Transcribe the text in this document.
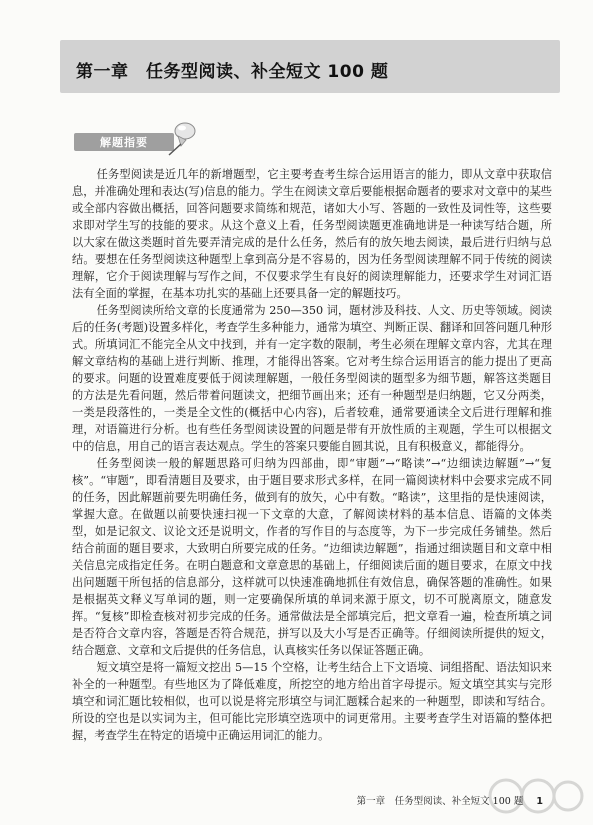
第一章　任务型阅读、补全短文 100 题
解题指要

任务型阅读是近几年的新增题型，它主要考查考生综合运用语言的能力，即从文章中获取信息，并准确处理和表达(写)信息的能力。学生在阅读文章后要能根据命题者的要求对文章中的某些或全部内容做出概括，回答问题要求简练和规范，诸如大小写、答题的一致性及词性等，这些要求即对学生写的技能的要求。从这个意义上看，任务型阅读题更准确地讲是一种读写结合题，所以大家在做这类题时首先要弄清完成的是什么任务，然后有的放矢地去阅读，最后进行归纳与总结。要想在任务型阅读这种题型上拿到高分是不容易的，因为任务型阅读理解不同于传统的阅读理解，它介于阅读理解与写作之间，不仅要求学生有良好的阅读理解能力，还要求学生对词汇语法有全面的掌握，在基本功扎实的基础上还要具备一定的解题技巧。

任务型阅读所给文章的长度通常为 250—350 词，题材涉及科技、人文、历史等领域。阅读后的任务(考题)设置多样化，考查学生多种能力，通常为填空、判断正误、翻译和回答问题几种形式。所填词汇不能完全从文中找到，并有一定字数的限制，考生必须在理解文章内容，尤其在理解文章结构的基础上进行判断、推理，才能得出答案。它对考生综合运用语言的能力提出了更高的要求。问题的设置难度要低于阅读理解题，一般任务型阅读的题型多为细节题，解答这类题目的方法是先看问题，然后带着问题读文，把细节画出来；还有一种题型是归纳题，它又分两类，一类是段落性的，一类是全文性的(概括中心内容)，后者较难，通常要通读全文后进行理解和推理，对语篇进行分析。也有些任务型阅读设置的问题是带有开放性质的主观题，学生可以根据文中的信息，用自己的语言表达观点。学生的答案只要能自圆其说，且有积极意义，都能得分。

任务型阅读一般的解题思路可归纳为四部曲，即“审题”→“略读”→“边细读边解题”→“复核”。“审题”，即看清题目及要求，由于题目要求形式多样，在同一篇阅读材料中会要求完成不同的任务，因此解题前要先明确任务，做到有的放矢，心中有数。“略读”，这里指的是快速阅读，掌握大意。在做题以前要快速扫视一下文章的大意，了解阅读材料的基本信息、语篇的文体类型，如是记叙文、议论文还是说明文，作者的写作目的与态度等，为下一步完成任务铺垫。然后结合前面的题目要求，大致明白所要完成的任务。“边细读边解题”，指通过细读题目和文章中相关信息完成指定任务。在明白题意和文章意思的基础上，仔细阅读后面的题目要求，在原文中找出问题题干所包括的信息部分，这样就可以快速准确地抓住有效信息，确保答题的准确性。如果是根据英文释义写单词的题，则一定要确保所填的单词来源于原文，切不可脱离原文，随意发挥。“复核”即检查核对初步完成的任务。通常做法是全部填完后，把文章看一遍，检查所填之词是否符合文章内容，答题是否符合规范，拼写以及大小写是否正确等。仔细阅读所提供的短文，结合题意、文章和文后提供的任务信息，认真核实任务以保证答题正确。

短文填空是将一篇短文挖出 5—15 个空格，让考生结合上下文语境、词组搭配、语法知识来补全的一种题型。有些地区为了降低难度，所挖空的地方给出首字母提示。短文填空其实与完形填空和词汇题比较相似，也可以说是将完形填空与词汇题糅合起来的一种题型，即读和写结合。所设的空也是以实词为主，但可能比完形填空选项中的词更常用。主要考查学生对语篇的整体把握，考查学生在特定的语境中正确运用词汇的能力。

第一章　任务型阅读、补全短文 100 题 1
